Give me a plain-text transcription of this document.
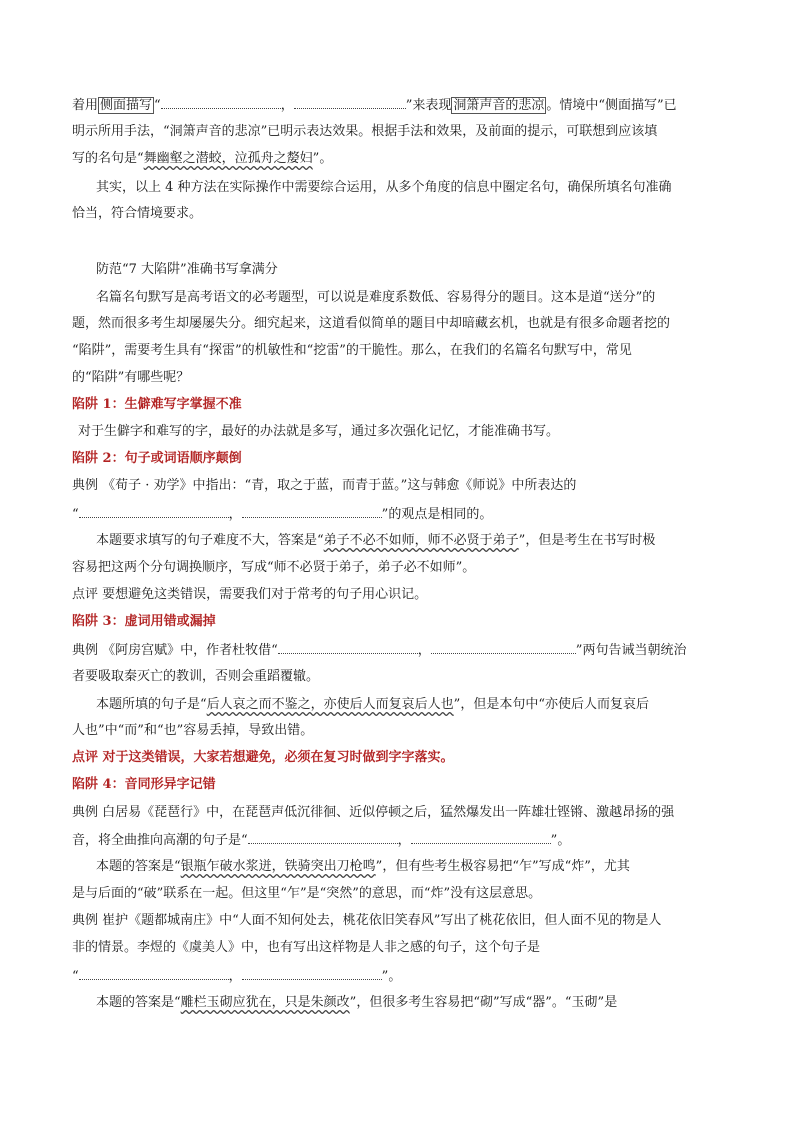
着用 侧面描写 “	，	”来表现 洞箫声音的悲凉 。情境中“侧面描写”已
明示所用手法，“洞箫声音的悲凉”已明示表达效果。根据手法和效果，及前面的提示，可联想到应该填
写的名句是“舞幽壑之潜蛟，泣孤舟之嫠妇”。
其实，以上 4 种方法在实际操作中需要综合运用，从多个角度的信息中圈定名句，确保所填名句准确
恰当，符合情境要求。
防范“7 大陷阱”准确书写拿满分
名篇名句默写是高考语文的必考题型，可以说是难度系数低、容易得分的题目。这本是道“送分”的
题，然而很多考生却屡屡失分。细究起来，这道看似简单的题目中却暗藏玄机，也就是有很多命题者挖的
“陷阱”，需要考生具有“探雷”的机敏性和“挖雷”的干脆性。那么，在我们的名篇名句默写中，常见
的“陷阱”有哪些呢？
陷阱 1：生僻难写字掌握不准
对于生僻字和难写的字，最好的办法就是多写，通过多次强化记忆，才能准确书写。
陷阱 2：句子或词语顺序颠倒
典例 《荀子 · 劝学》中指出：“青，取之于蓝，而青于蓝。”这与韩愈《师说》中所表达的
“	，	”的观点是相同的。
本题要求填写的句子难度不大，答案是“弟子不必不如师，师不必贤于弟子”，但是考生在书写时极
容易把这两个分句调换顺序，写成“师不必贤于弟子，弟子必不如师”。
点评 要想避免这类错误，需要我们对于常考的句子用心识记。
陷阱 3：虚词用错或漏掉
典例 《阿房宫赋》中，作者杜牧借“	，	”两句告诫当朝统治
者要吸取秦灭亡的教训，否则会重蹈覆辙。
本题所填的句子是“后人哀之而不鉴之，亦使后人而复哀后人也”，但是本句中“亦使后人而复哀后
人也”中“而”和“也”容易丢掉，导致出错。
点评 对于这类错误，大家若想避免，必须在复习时做到字字落实。
陷阱 4：音同形异字记错
典例 白居易《琵琶行》中，在琵琶声低沉徘徊、近似停顿之后，猛然爆发出一阵雄壮铿锵、激越昂扬的强
音，将全曲推向高潮的句子是“	，	”。
本题的答案是“银瓶乍破水浆迸，铁骑突出刀枪鸣”，但有些考生极容易把“乍”写成“炸”，尤其
是与后面的“破”联系在一起。但这里“乍”是“突然”的意思，而“炸”没有这层意思。
典例 崔护《题都城南庄》中“人面不知何处去，桃花依旧笑春风”写出了桃花依旧，但人面不见的物是人
非的情景。李煜的《虞美人》中，也有写出这样物是人非之感的句子，这个句子是
“	，	”。
本题的答案是“雕栏玉砌应犹在，只是朱颜改”，但很多考生容易把“砌”写成“器”。“玉砌”是
